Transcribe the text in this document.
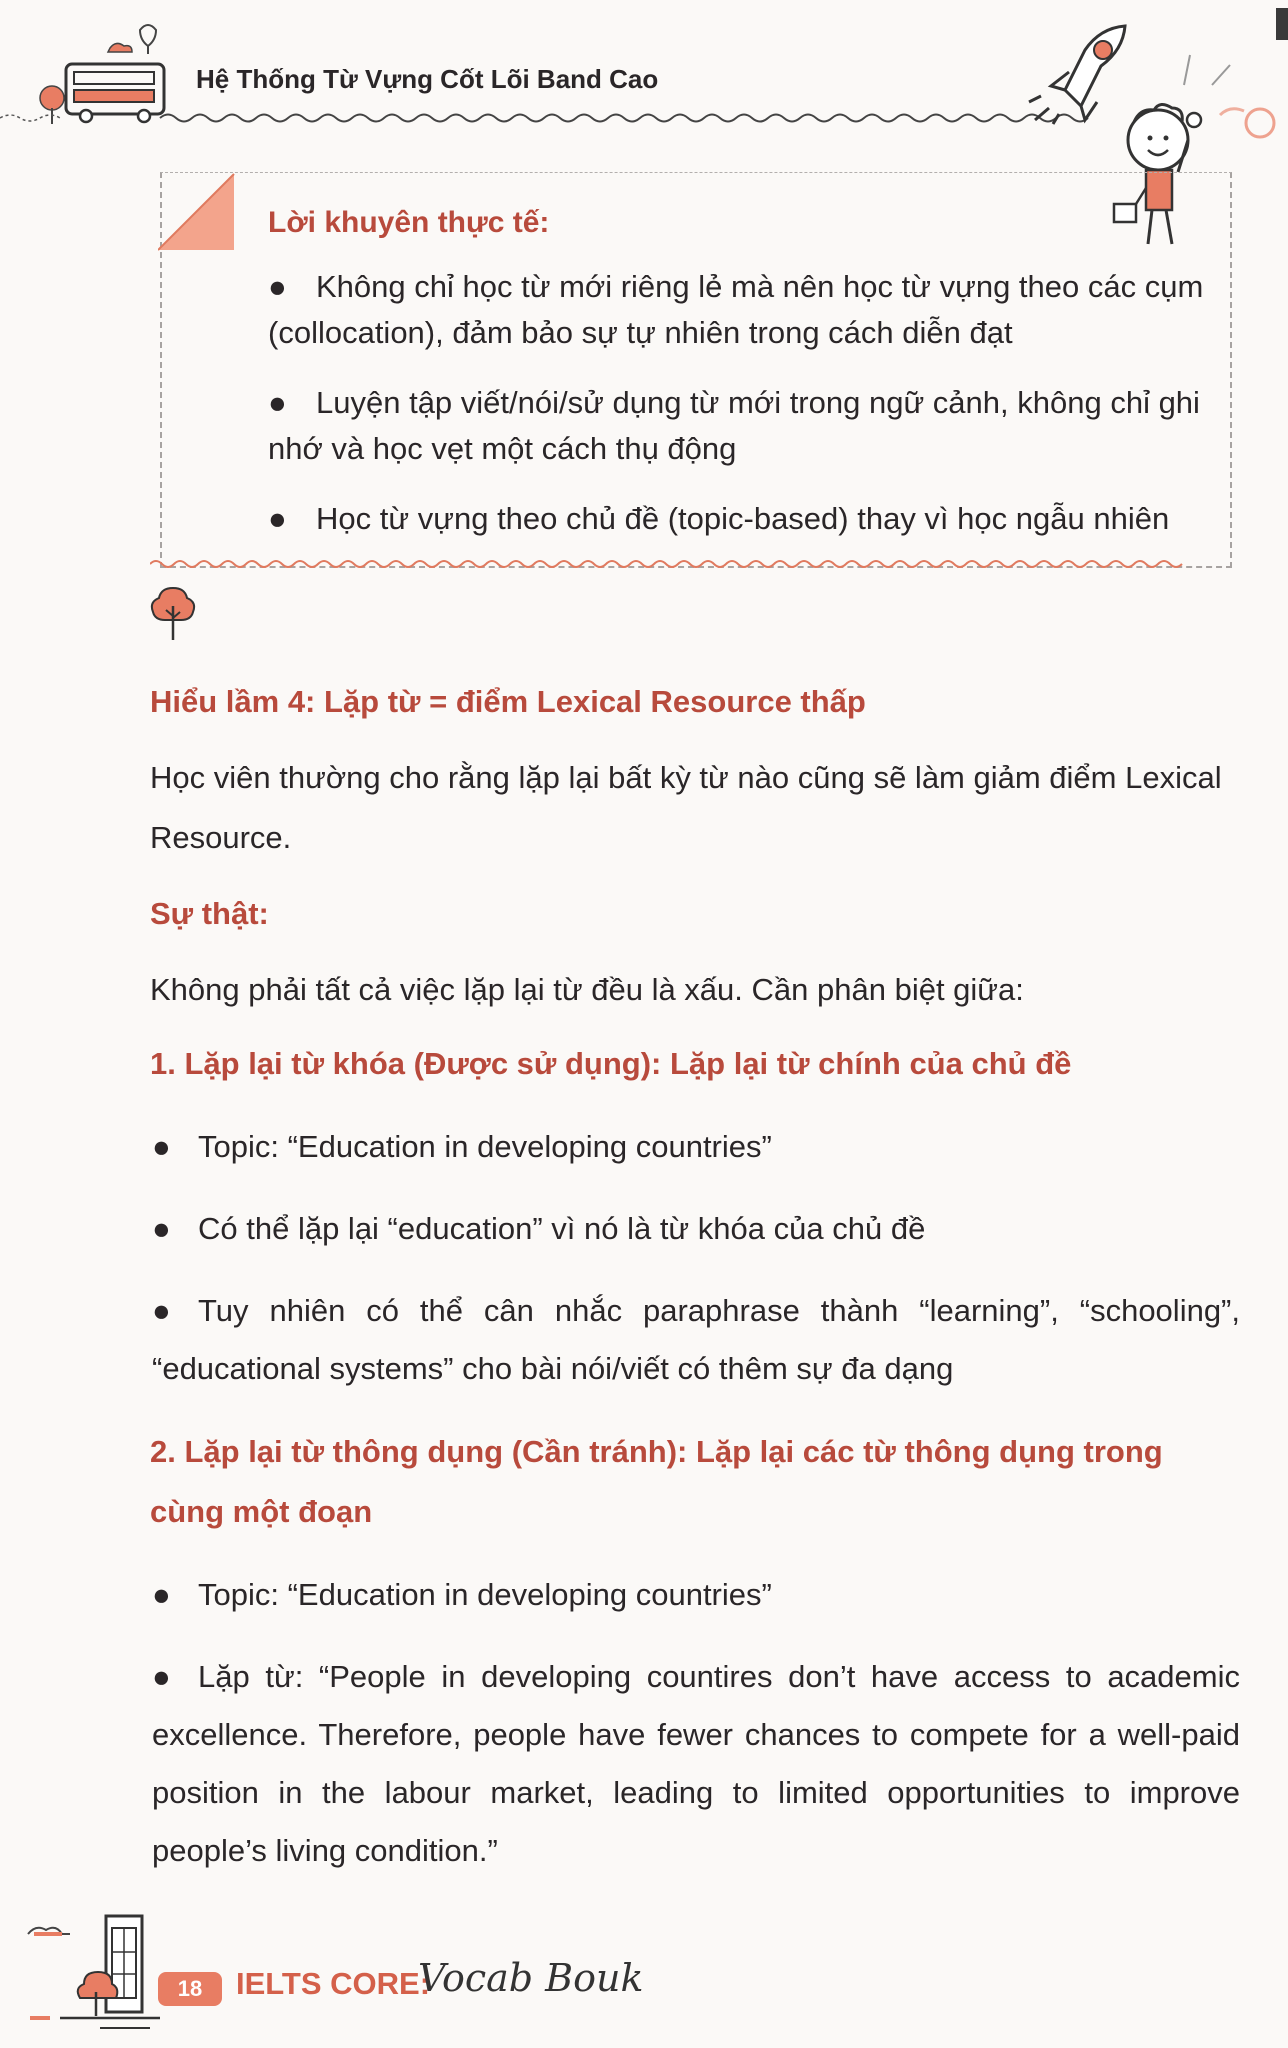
Hệ Thống Từ Vựng Cốt Lõi Band Cao
Lời khuyên thực tế:
● Không chỉ học từ mới riêng lẻ mà nên học từ vựng theo các cụm (collocation), đảm bảo sự tự nhiên trong cách diễn đạt
● Luyện tập viết/nói/sử dụng từ mới trong ngữ cảnh, không chỉ ghi nhớ và học vẹt một cách thụ động
● Học từ vựng theo chủ đề (topic-based) thay vì học ngẫu nhiên
Hiểu lầm 4: Lặp từ = điểm Lexical Resource thấp
Học viên thường cho rằng lặp lại bất kỳ từ nào cũng sẽ làm giảm điểm Lexical Resource.
Sự thật:
Không phải tất cả việc lặp lại từ đều là xấu. Cần phân biệt giữa:
1. Lặp lại từ khóa (Được sử dụng): Lặp lại từ chính của chủ đề
● Topic: “Education in developing countries”
● Có thể lặp lại “education” vì nó là từ khóa của chủ đề
● Tuy nhiên có thể cân nhắc paraphrase thành “learning”, “schooling”, “educational systems” cho bài nói/viết có thêm sự đa dạng
2. Lặp lại từ thông dụng (Cần tránh): Lặp lại các từ thông dụng trong cùng một đoạn
● Topic: “Education in developing countries”
● Lặp từ: “People in developing countires don’t have access to academic excellence. Therefore, people have fewer chances to compete for a well-paid position in the labour market, leading to limited opportunities to improve people’s living condition.”
18	IELTS CORE:
Vocab Bouk
